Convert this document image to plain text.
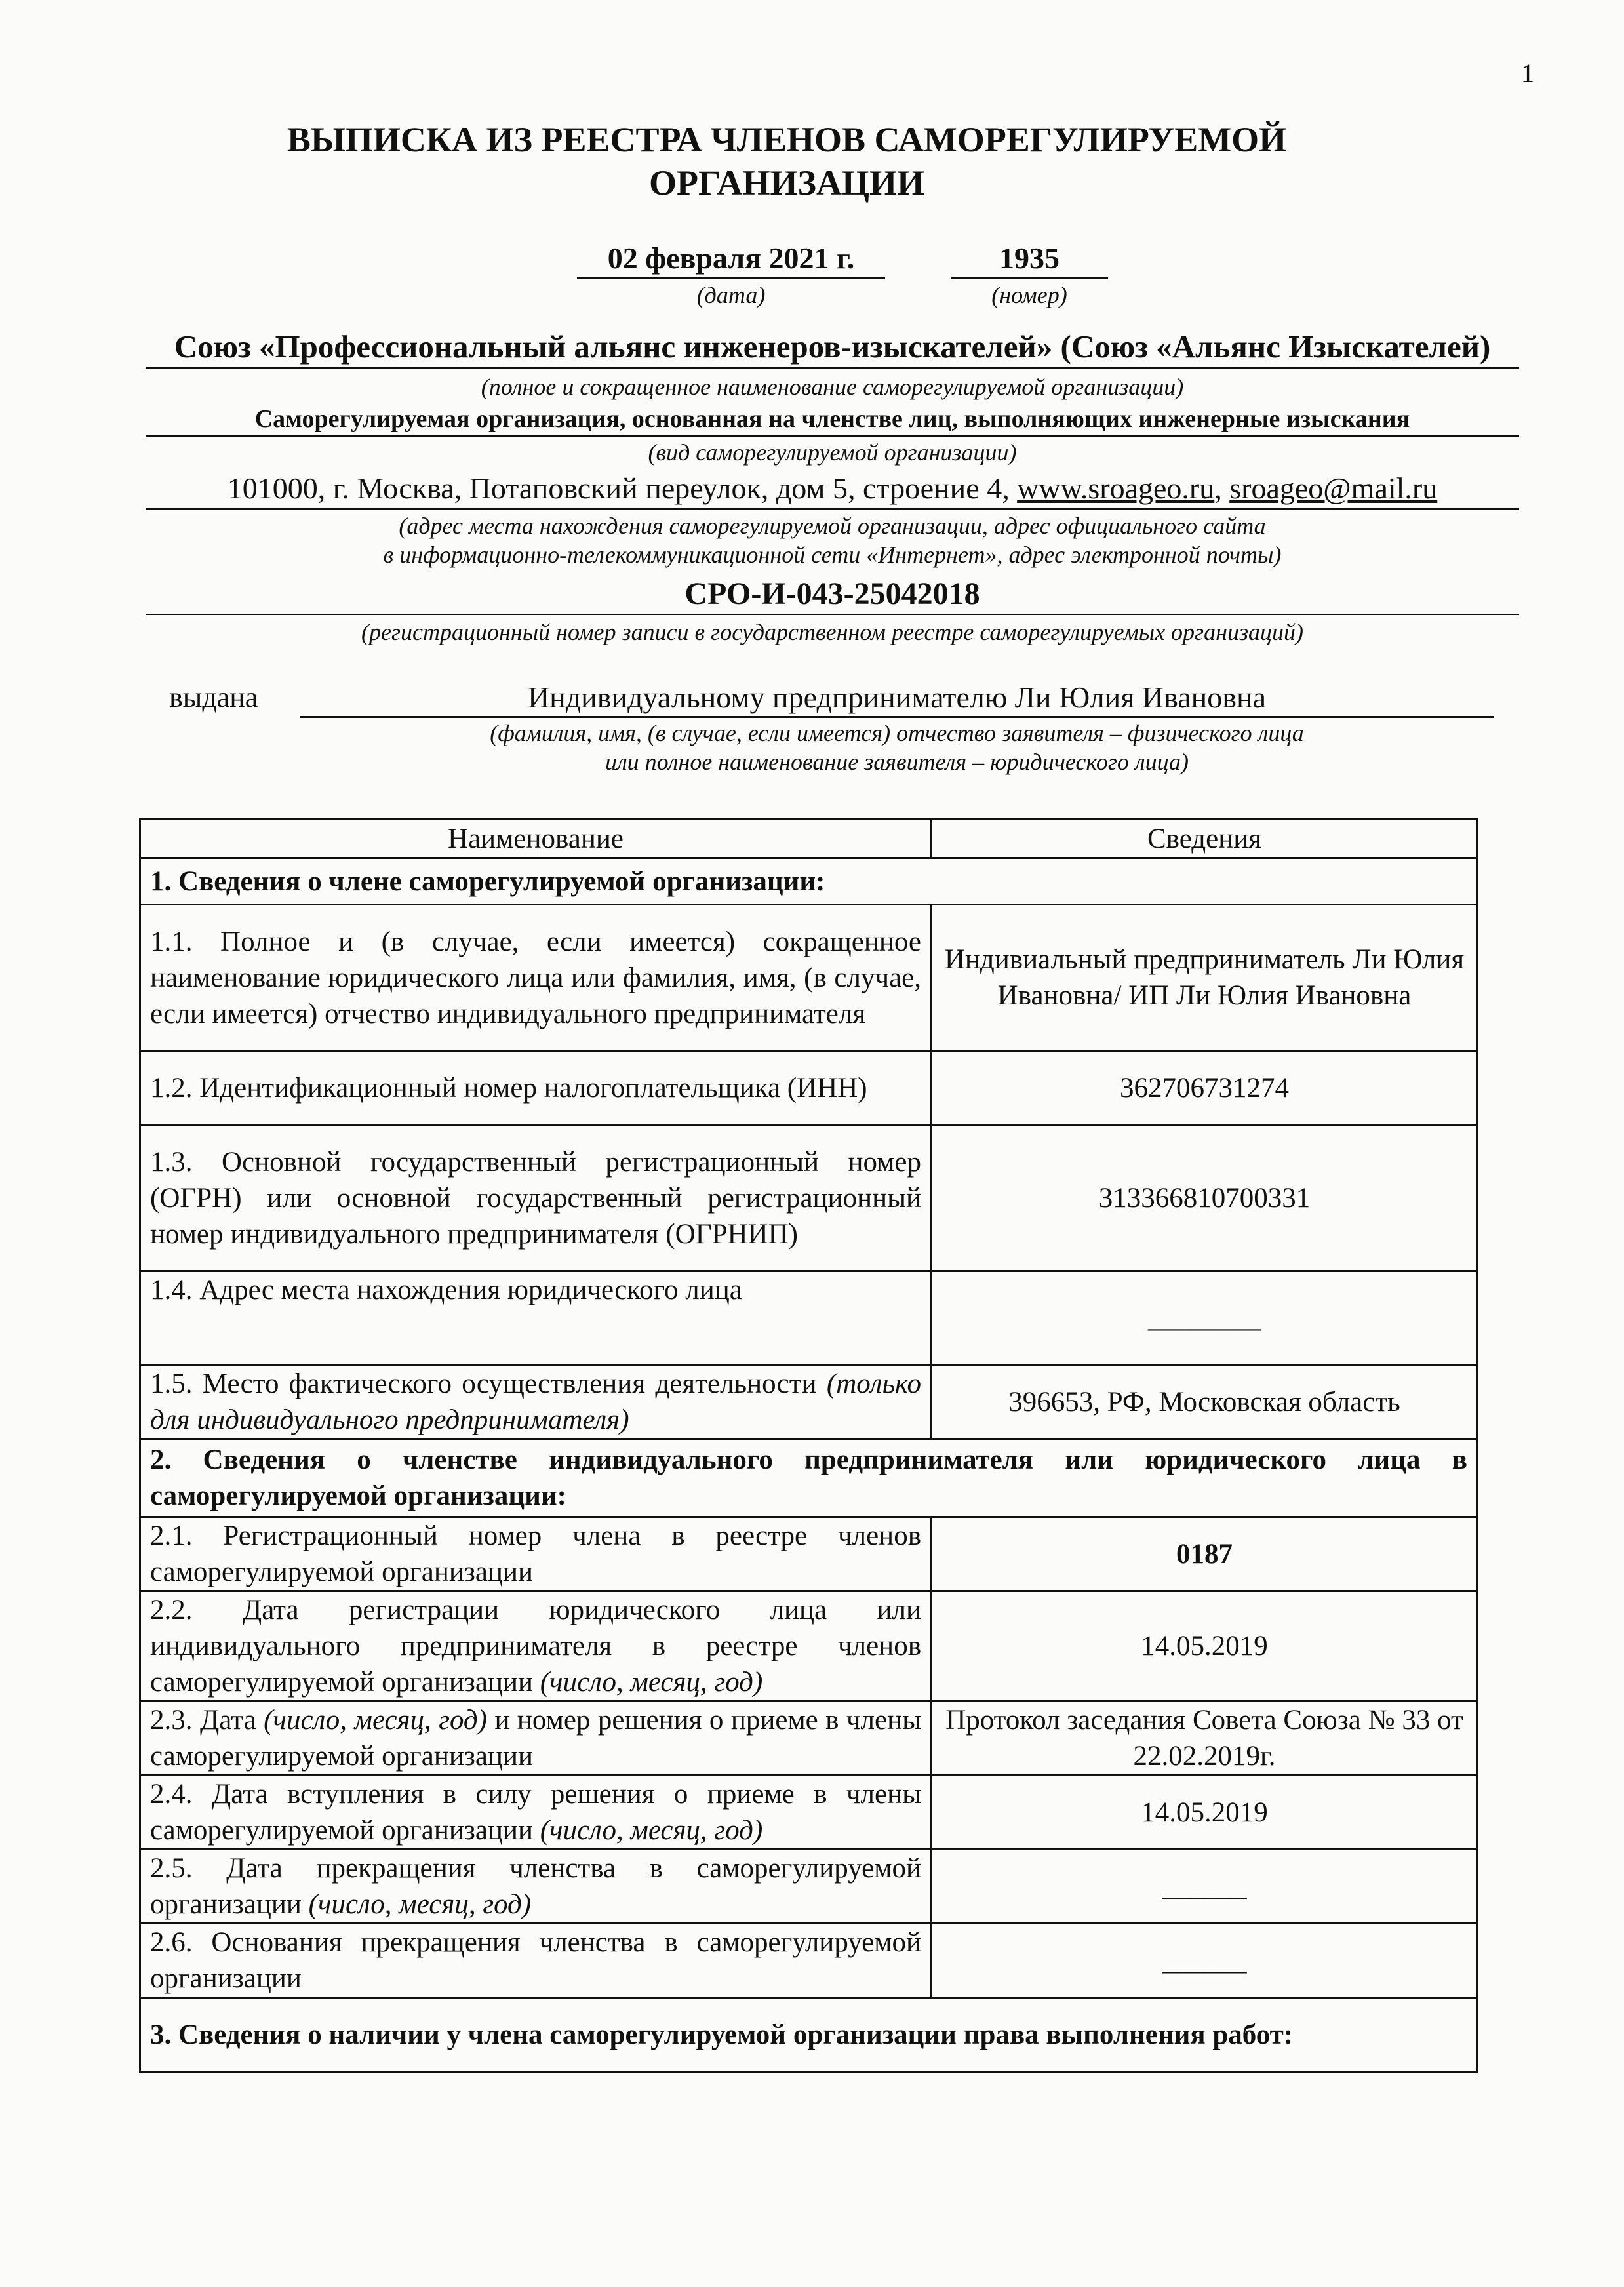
1
ВЫПИСКА ИЗ РЕЕСТРА ЧЛЕНОВ САМОРЕГУЛИРУЕМОЙ
ОРГАНИЗАЦИИ
02 февраля 2021 г.
(дата)
1935
(номер)
Союз «Профессиональный альянс инженеров-изыскателей» (Союз «Альянс Изыскателей)
(полное и сокращенное наименование саморегулируемой организации)
Саморегулируемая организация, основанная на членстве лиц, выполняющих инженерные изыскания
(вид саморегулируемой организации)
101000, г. Москва, Потаповский переулок, дом 5, строение 4, www.sroageo.ru, sroageo@mail.ru
(адрес места нахождения саморегулируемой организации, адрес официального сайта
в информационно-телекоммуникационной сети «Интернет», адрес электронной почты)
СРО-И-043-25042018
(регистрационный номер записи в государственном реестре саморегулируемых организаций)
выдана	Индивидуальному предпринимателю Ли Юлия Ивановна
(фамилия, имя, (в случае, если имеется) отчество заявителя – физического лица
или полное наименование заявителя – юридического лица)
Наименование	Сведения
1. Сведения о члене саморегулируемой организации:	
1.1. Полное и (в случае, если имеется) сокращенное наименование юридического лица или фамилия, имя, (в случае, если имеется) отчество индивидуального предпринимателя	Индивиальный предприниматель Ли Юлия Ивановна/ ИП Ли Юлия Ивановна
1.2. Идентификационный номер налогоплательщика (ИНН)	362706731274
1.3. Основной государственный регистрационный номер (ОГРН) или основной государственный регистрационный номер индивидуального предпринимателя (ОГРНИП)	313366810700331
1.4. Адрес места нахождения юридического лица	________
1.5. Место фактического осуществления деятельности (только для индивидуального предпринимателя)	396653, РФ, Московская область
2. Сведения о членстве индивидуального предпринимателя или юридического лица в саморегулируемой организации:	
2.1. Регистрационный номер члена в реестре членов саморегулируемой организации	0187
2.2. Дата регистрации юридического лица или индивидуального предпринимателя в реестре членов саморегулируемой организации (число, месяц, год)	14.05.2019
2.3. Дата (число, месяц, год) и номер решения о приеме в члены саморегулируемой организации	Протокол заседания Совета Союза № 33 от 22.02.2019г.
2.4. Дата вступления в силу решения о приеме в члены саморегулируемой организации (число, месяц, год)	14.05.2019
2.5. Дата прекращения членства в саморегулируемой организации (число, месяц, год)	______
2.6. Основания прекращения членства в саморегулируемой организации	______
3. Сведения о наличии у члена саморегулируемой организации права выполнения работ:	
